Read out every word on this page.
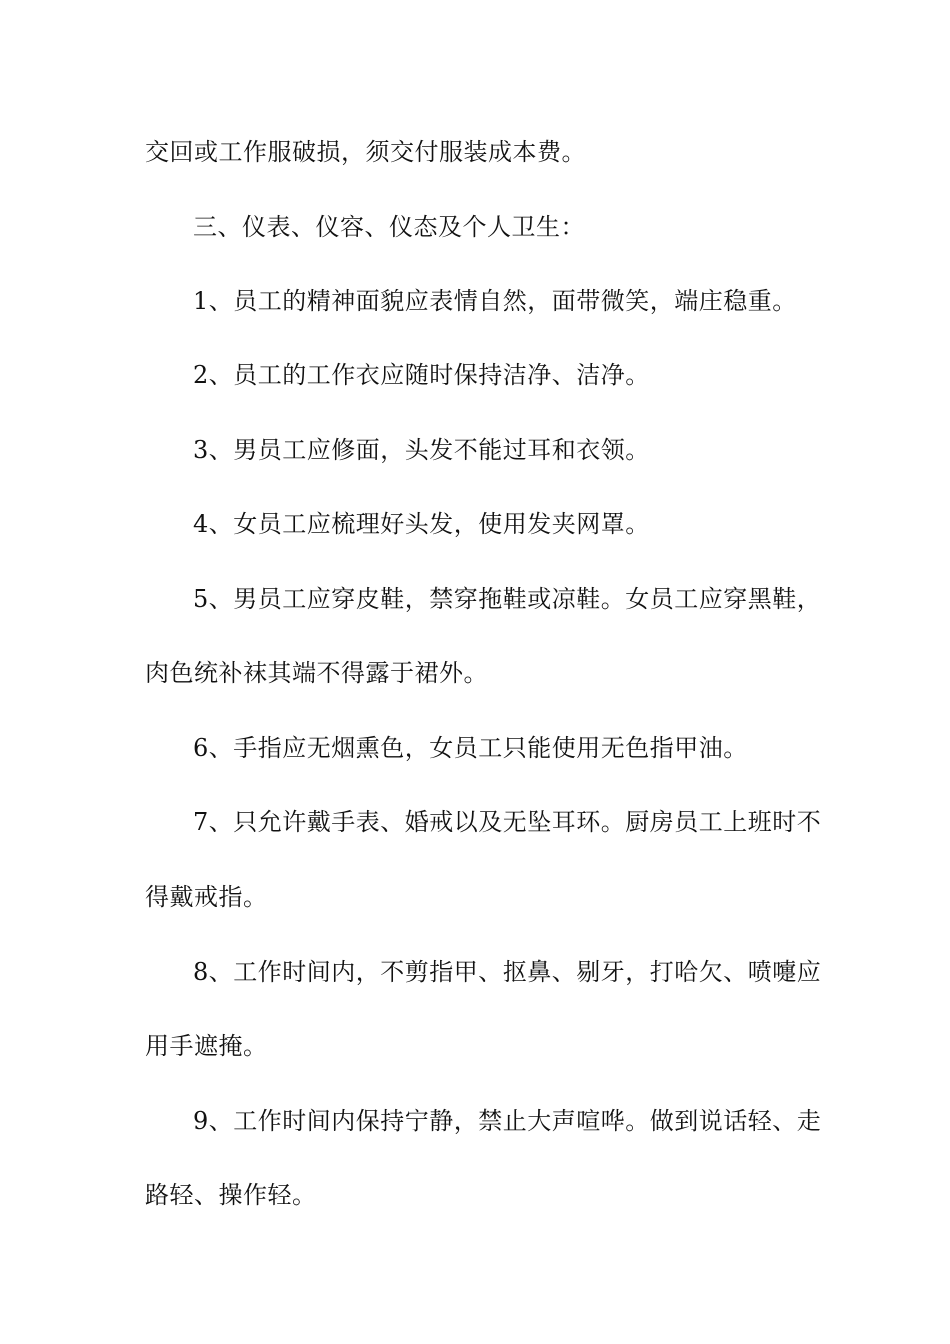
交回或工作服破损，须交付服装成本费。
三、仪表、仪容、仪态及个人卫生：
1、员工的精神面貌应表情自然，面带微笑，端庄稳重。
2、员工的工作衣应随时保持洁净、洁净。
3、男员工应修面，头发不能过耳和衣领。
4、女员工应梳理好头发，使用发夹网罩。
5、男员工应穿皮鞋，禁穿拖鞋或凉鞋。女员工应穿黑鞋，
肉色统补袜其端不得露于裙外。
6、手指应无烟熏色，女员工只能使用无色指甲油。
7、只允许戴手表、婚戒以及无坠耳环。厨房员工上班时不
得戴戒指。
8、工作时间内，不剪指甲、抠鼻、剔牙，打哈欠、喷嚏应
用手遮掩。
9、工作时间内保持宁静，禁止大声喧哗。做到说话轻、走
路轻、操作轻。
